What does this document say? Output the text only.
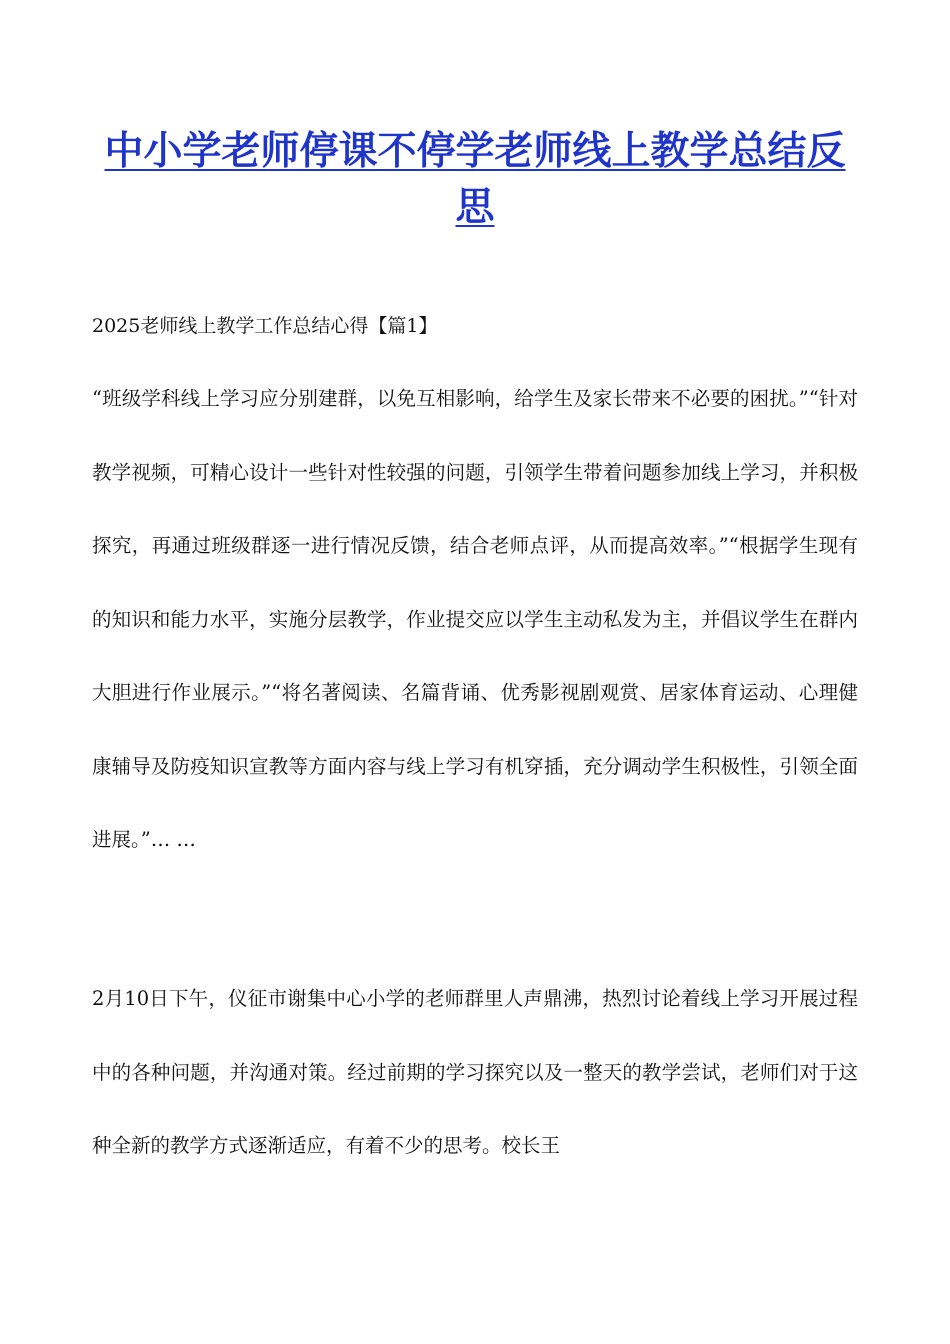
中小学老师停课不停学老师线上教学总结反思

2025老师线上教学工作总结心得【篇1】

“班级学科线上学习应分别建群，以免互相影响，给学生及家长带来不必要的困扰。”“针对教学视频，可精心设计一些针对性较强的问题，引领学生带着问题参加线上学习，并积极探究，再通过班级群逐一进行情况反馈，结合老师点评，从而提高效率。”“根据学生现有的知识和能力水平，实施分层教学，作业提交应以学生主动私发为主，并倡议学生在群内大胆进行作业展示。”“将名著阅读、名篇背诵、优秀影视剧观赏、居家体育运动、心理健康辅导及防疫知识宣教等方面内容与线上学习有机穿插，充分调动学生积极性，引领全面进展。”… …

2月10日下午，仪征市谢集中心小学的老师群里人声鼎沸，热烈讨论着线上学习开展过程中的各种问题，并沟通对策。经过前期的学习探究以及一整天的教学尝试，老师们对于这种全新的教学方式逐渐适应，有着不少的思考。校长王
